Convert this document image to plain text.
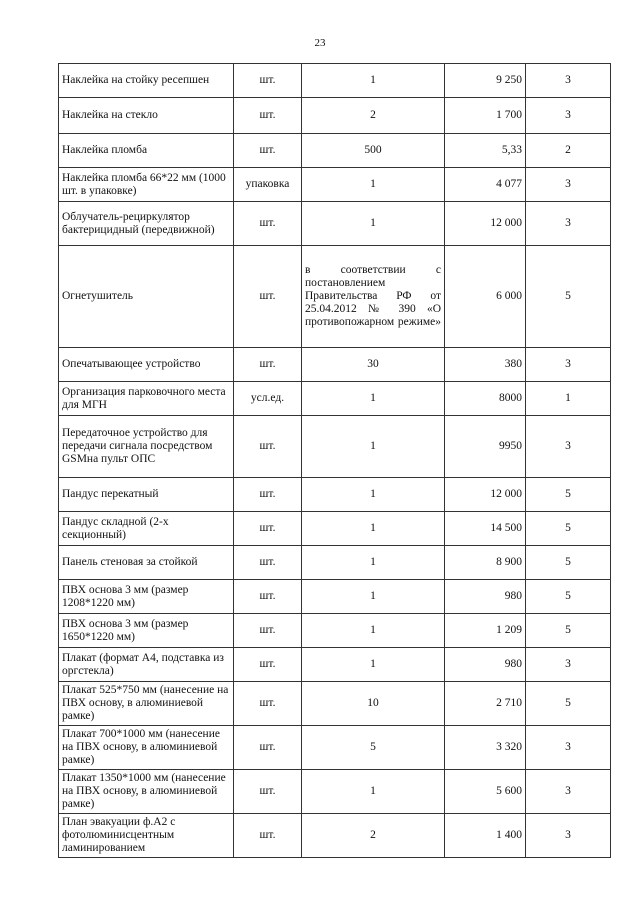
23
Наклейка на стойку ресепшен	шт.	1	9 250	3
Наклейка на стекло	шт.	2	1 700	3
Наклейка пломба	шт.	500	5,33	2
Наклейка пломба 66*22 мм (1000 шт. в упаковке)	упаковка	1	4 077	3
Облучатель-рециркулятор бактерицидный (передвижной)	шт.	1	12 000	3
Огнетушитель	шт.	в соответствии с постановлением Правительства РФ от 25.04.2012 № 390 «О противопожарном режиме»	6 000	5
Опечатывающее устройство	шт.	30	380	3
Организация парковочного места для МГН	усл.ед.	1	8000	1
Передаточное устройство для передачи сигнала посредством GSMна пульт ОПС	шт.	1	9950	3
Пандус перекатный	шт.	1	12 000	5
Пандус складной (2-х секционный)	шт.	1	14 500	5
Панель стеновая за стойкой	шт.	1	8 900	5
ПВХ основа 3 мм (размер 1208*1220 мм)	шт.	1	980	5
ПВХ основа 3 мм (размер 1650*1220 мм)	шт.	1	1 209	5
Плакат (формат А4, подставка из оргстекла)	шт.	1	980	3
Плакат 525*750 мм (нанесение на ПВХ основу, в алюминиевой рамке)	шт.	10	2 710	5
Плакат 700*1000 мм (нанесение на ПВХ основу, в алюминиевой рамке)	шт.	5	3 320	3
Плакат 1350*1000 мм (нанесение на ПВХ основу, в алюминиевой рамке)	шт.	1	5 600	3
План эвакуации ф.А2 с фотолюминисцентным ламинированием	шт.	2	1 400	3
